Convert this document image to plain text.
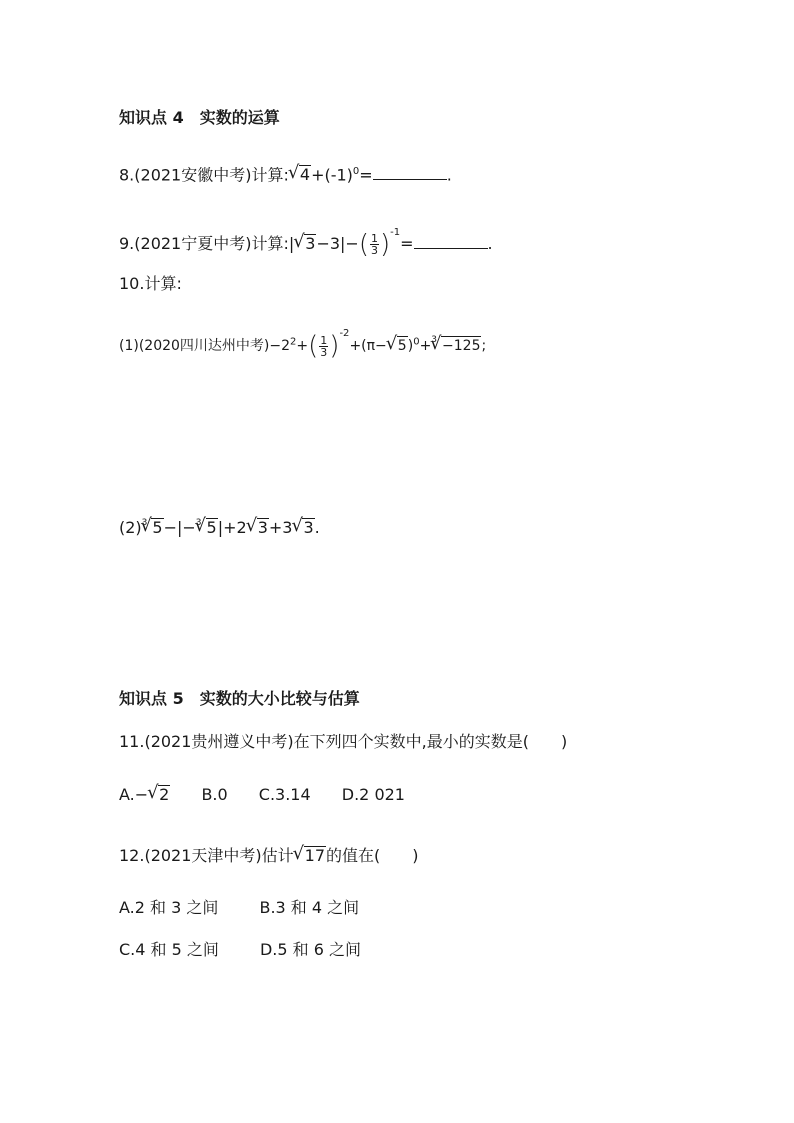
知识点 4　实数的运算
8.(2021安徽中考)计算:√ $4+(-1)^0=$	.
9.(2021宁夏中考)计算:|√ $3-3|-( \frac{1}{3} )^{-1}=$	.
10.计算:
(1)(2020四川达州中考)$-2^2+( \frac{1}{3} )^{-2}+(\pi-√$ 5)$^0$+$^3$√ −125;
$(2)^3√$ 5−|−$^3$√ 5|+2√ 3+3√ 3.
知识点 5　实数的大小比较与估算
11.(2021贵州遵义中考)在下列四个实数中,最小的实数是(　　)
A.−√ 2 B.0 C.3.14 D.2 021
12.(2021天津中考)估计√ 17的值在(　　)
A.2 和 3 之间	B.3 和 4 之间
C.4 和 5 之间	D.5 和 6 之间
